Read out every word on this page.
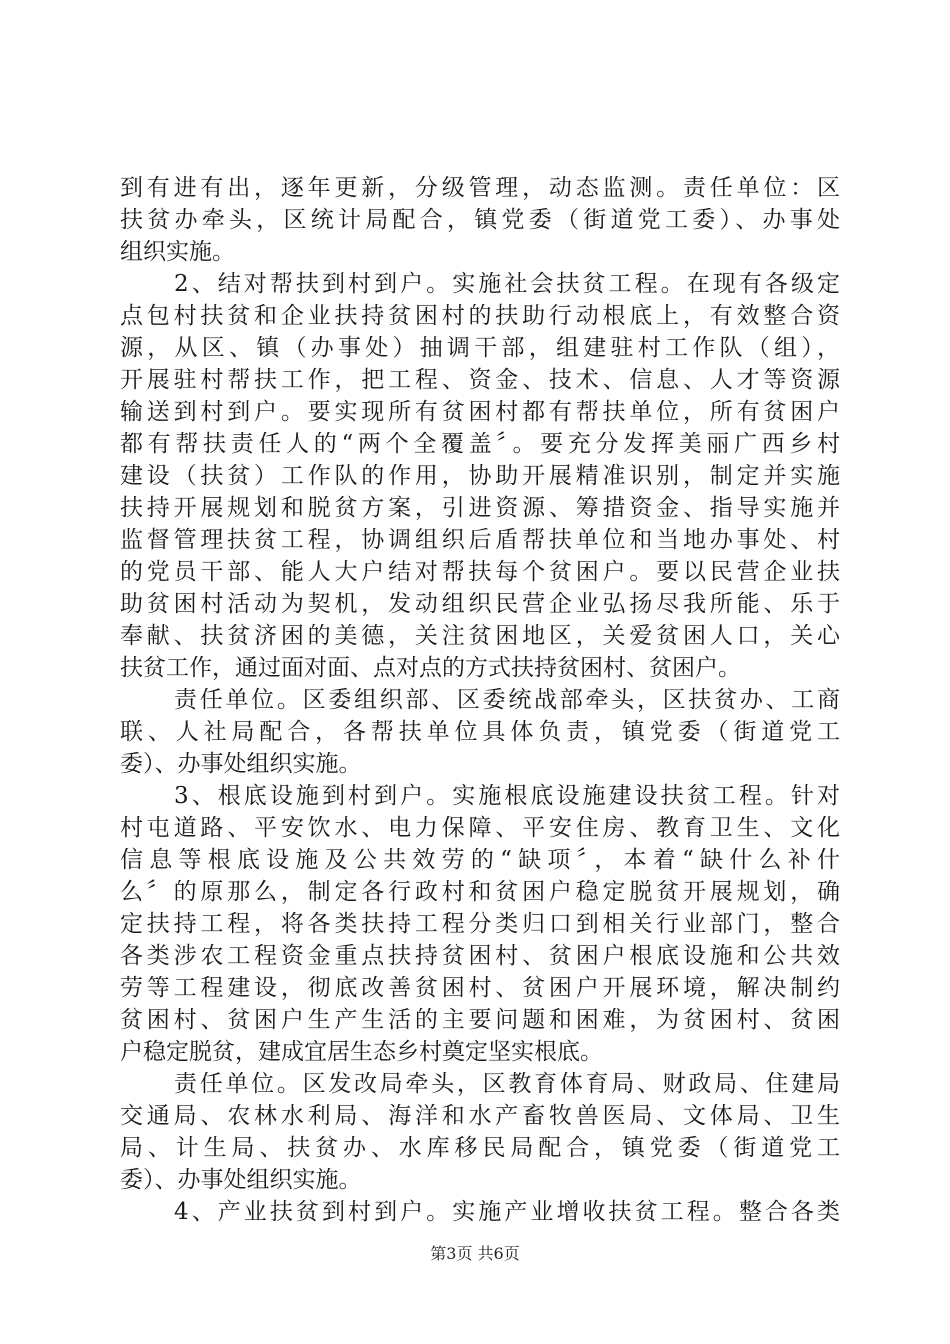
到有进有出，逐年更新，分级管理，动态监测。责任单位：区
扶贫办牵头，区统计局配合，镇党委（街道党工委）、办事处
组织实施。
2、结对帮扶到村到户。实施社会扶贫工程。在现有各级定
点包村扶贫和企业扶持贫困村的扶助行动根底上，有效整合资
源，从区、镇（办事处）抽调干部，组建驻村工作队（组），
开展驻村帮扶工作，把工程、资金、技术、信息、人才等资源
输送到村到户。要实现所有贫困村都有帮扶单位，所有贫困户
都有帮扶责任人的“两个全覆盖〞。要充分发挥美丽广西乡村
建设（扶贫）工作队的作用，协助开展精准识别，制定并实施
扶持开展规划和脱贫方案，引进资源、筹措资金、指导实施并
监督管理扶贫工程，协调组织后盾帮扶单位和当地办事处、村
的党员干部、能人大户结对帮扶每个贫困户。要以民营企业扶
助贫困村活动为契机，发动组织民营企业弘扬尽我所能、乐于
奉献、扶贫济困的美德，关注贫困地区，关爱贫困人口，关心
扶贫工作，通过面对面、点对点的方式扶持贫困村、贫困户。
责任单位。区委组织部、区委统战部牵头，区扶贫办、工商
联、人社局配合，各帮扶单位具体负责，镇党委（街道党工
委）、办事处组织实施。
3、根底设施到村到户。实施根底设施建设扶贫工程。针对
村屯道路、平安饮水、电力保障、平安住房、教育卫生、文化
信息等根底设施及公共效劳的“缺项〞，本着“缺什么补什
么〞的原那么，制定各行政村和贫困户稳定脱贫开展规划，确
定扶持工程，将各类扶持工程分类归口到相关行业部门，整合
各类涉农工程资金重点扶持贫困村、贫困户根底设施和公共效
劳等工程建设，彻底改善贫困村、贫困户开展环境，解决制约
贫困村、贫困户生产生活的主要问题和困难，为贫困村、贫困
户稳定脱贫，建成宜居生态乡村奠定坚实根底。
责任单位。区发改局牵头，区教育体育局、财政局、住建局
交通局、农林水利局、海洋和水产畜牧兽医局、文体局、卫生
局、计生局、扶贫办、水库移民局配合，镇党委（街道党工
委）、办事处组织实施。
4、产业扶贫到村到户。实施产业增收扶贫工程。整合各类
第3页 共6页
